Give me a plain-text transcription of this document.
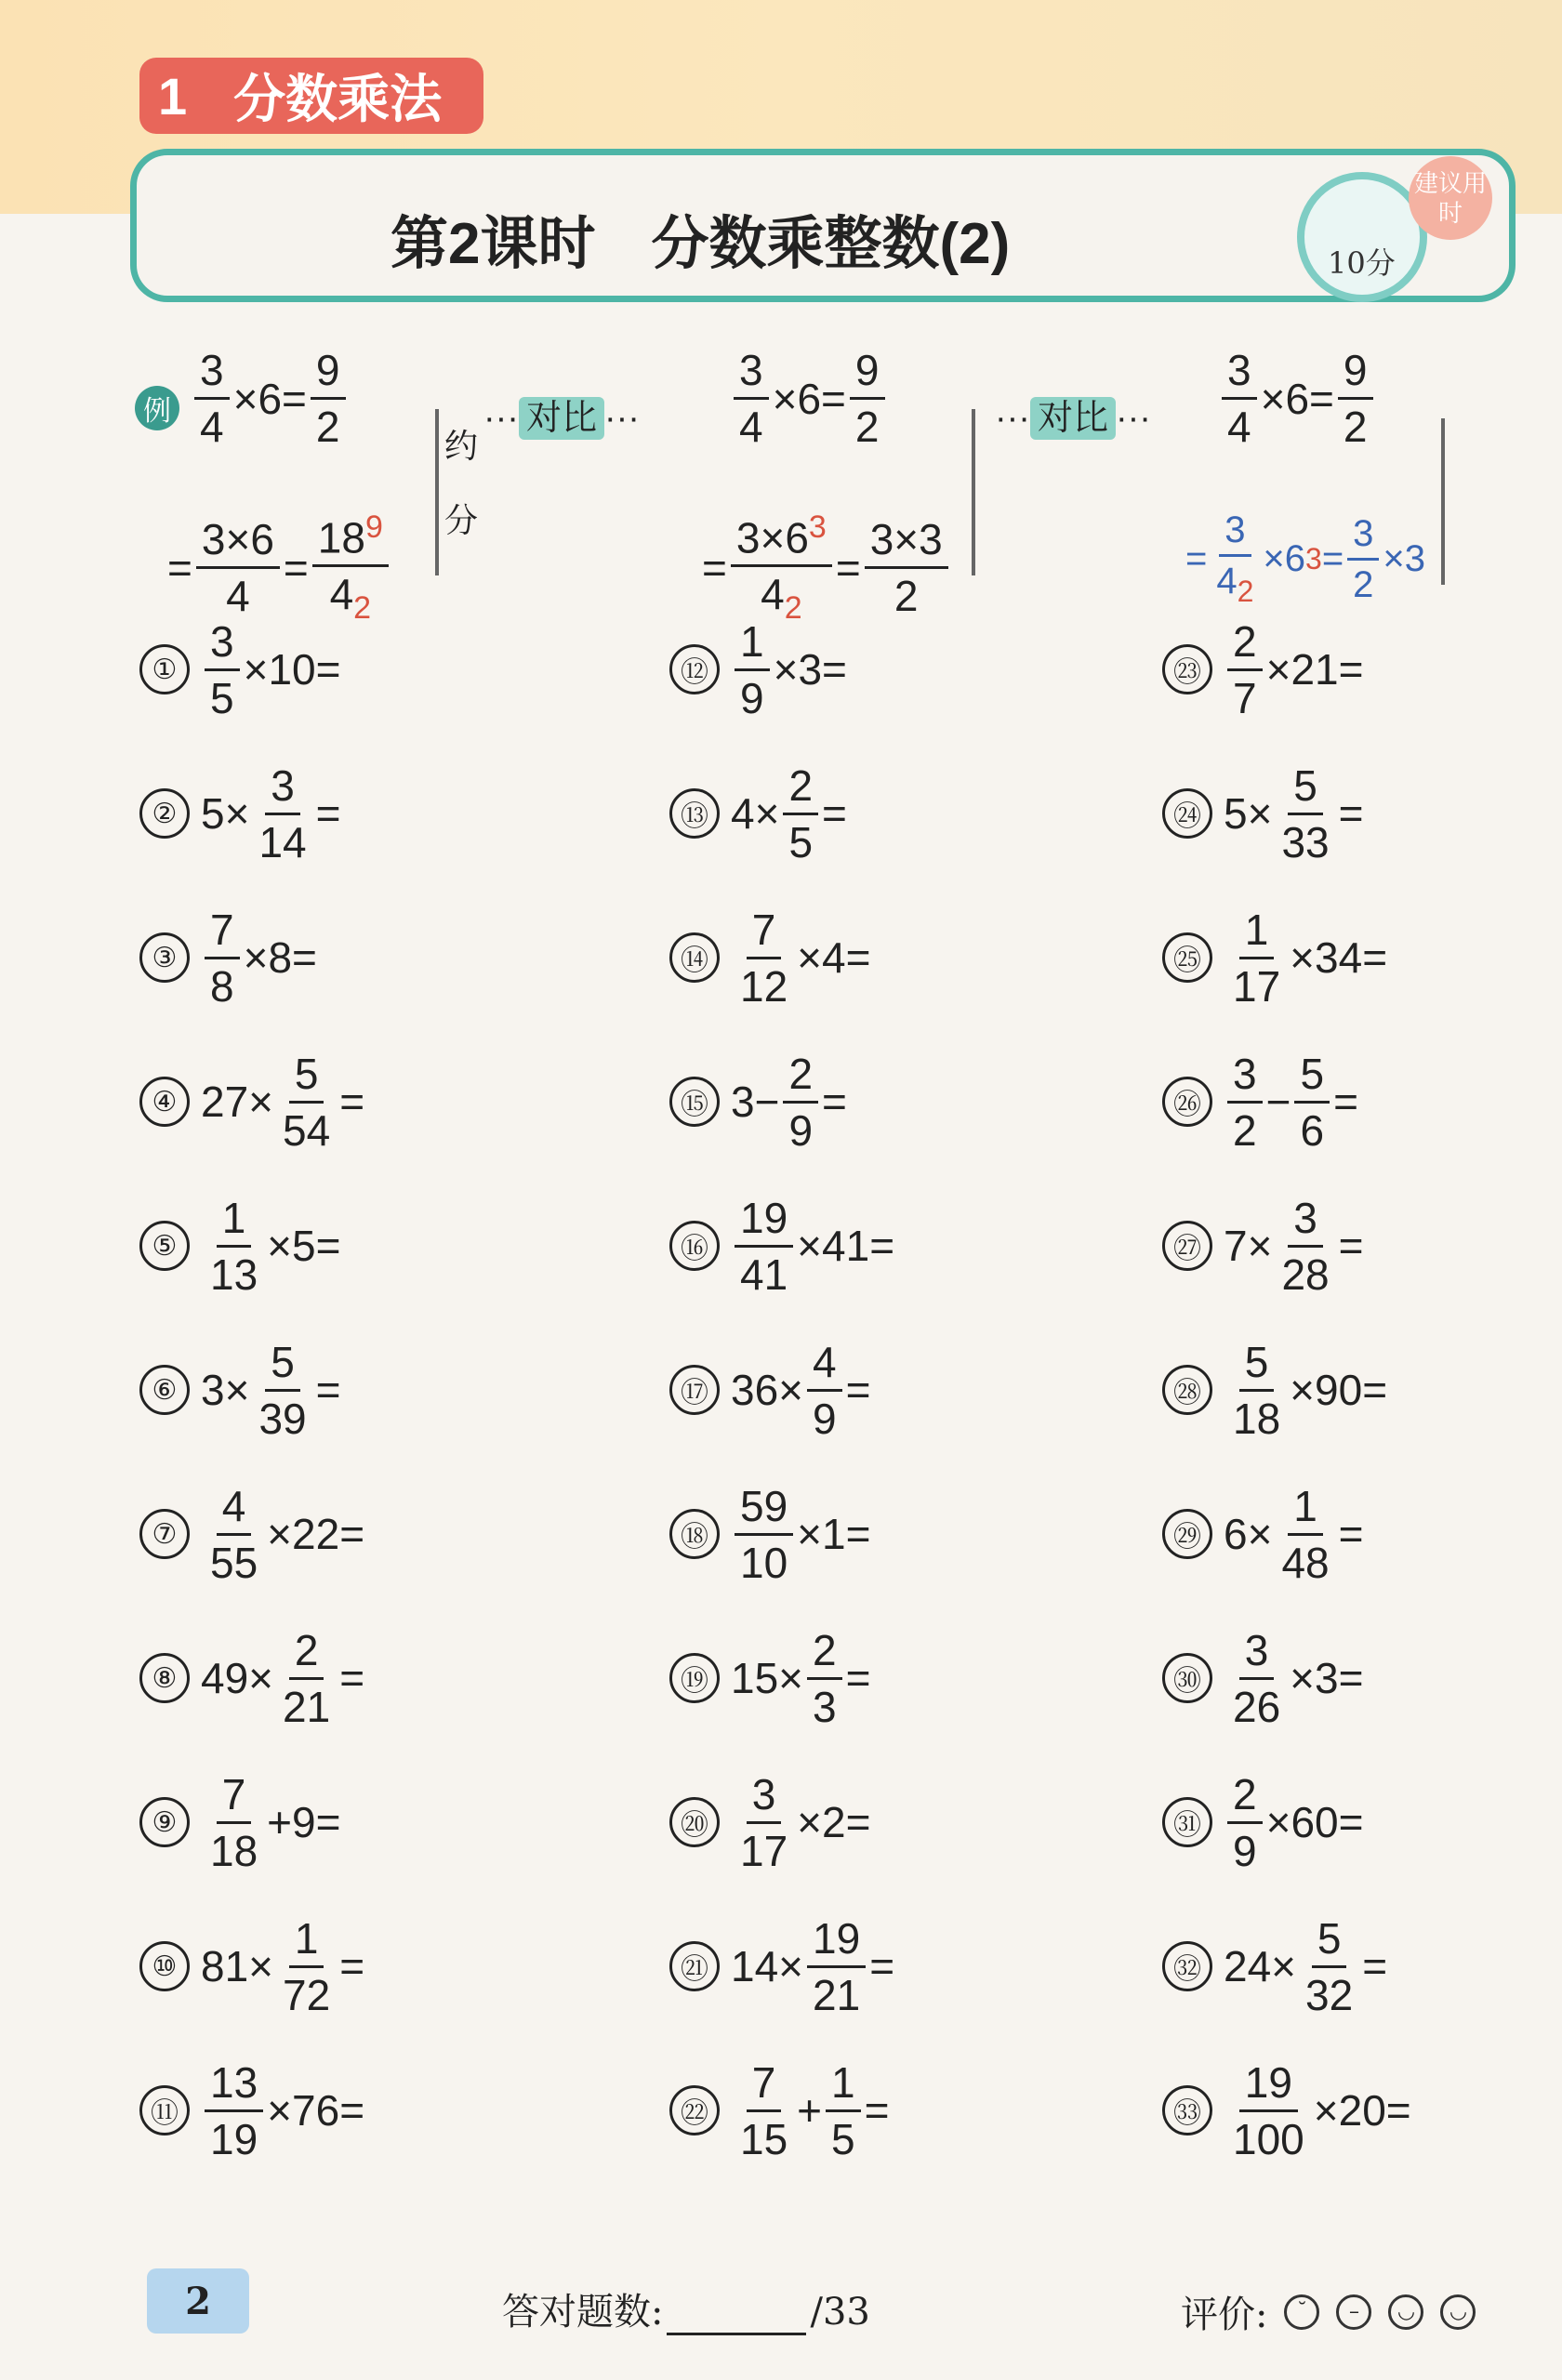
1 分数乘法
第2课时 分数乘整数(2)	10分
建议用时
例 $\frac{3}{4} \times 6= \frac{9}{2}$
= $\frac{3\times 6}{4} = \frac{18^9}{4_2}$
约
分
··· 对比 ··· $\frac{3}{4} \times 6= \frac{9}{2}$
= $\frac{3\times 6^3}{4_2} = \frac{3\times 3}{2}$
··· 对比 ··· $\frac{3}{4} \times 6= \frac{9}{2}$
= $\frac{3}{4_2} \times 6$ $3 = \frac{3}{2} \times 3$
① $\frac{3}{5} \times 10=$
② $5\times \frac{3}{14}$ =
③ $\frac{7}{8} \times 8=$
④ $27\times \frac{5}{54}$ =
⑤ $\frac{1}{13} \times 5=$
⑥ $3\times \frac{5}{39}$ =
⑦ $\frac{4}{55} \times 22=$
⑧ $49\times \frac{2}{21}$ =
⑨ $\frac{7}{18} +9=$
⑩ $81\times \frac{1}{72}$ =
⑪ $\frac{13}{19} \times 76=$
⑫ $\frac{1}{9} \times 3=$
⑬ $4\times \frac{2}{5}$ =
⑭ $\frac{7}{12} \times 4=$
⑮ $3- \frac{2}{9}$ =
⑯ $\frac{19}{41} \times 41=$
⑰ $36\times \frac{4}{9}$ =
⑱ $\frac{59}{10} \times 1=$
⑲ $15\times \frac{2}{3}$ =
⑳ $\frac{3}{17} \times 2=$
㉑ $14\times \frac{19}{21}$ =
㉒ $\frac{7}{15} + \frac{1}{5}$ =
㉓ $\frac{2}{7} \times 21=$
㉔ $5\times \frac{5}{33}$ =
㉕ $\frac{1}{17} \times 34=$
㉖ $\frac{3}{2} - \frac{5}{6}$ =
㉗ $7\times \frac{3}{28}$ =
㉘ $\frac{5}{18} \times 90=$
㉙ $6\times \frac{1}{48}$ =
㉚ $\frac{3}{26} \times 3=$
㉛ $\frac{2}{9} \times 60=$
㉜ $24\times \frac{5}{32}$ =
㉝ $\frac{19}{100} \times 20=$
2	答对题数:	/33	评价:	˘	–	◡	◡
